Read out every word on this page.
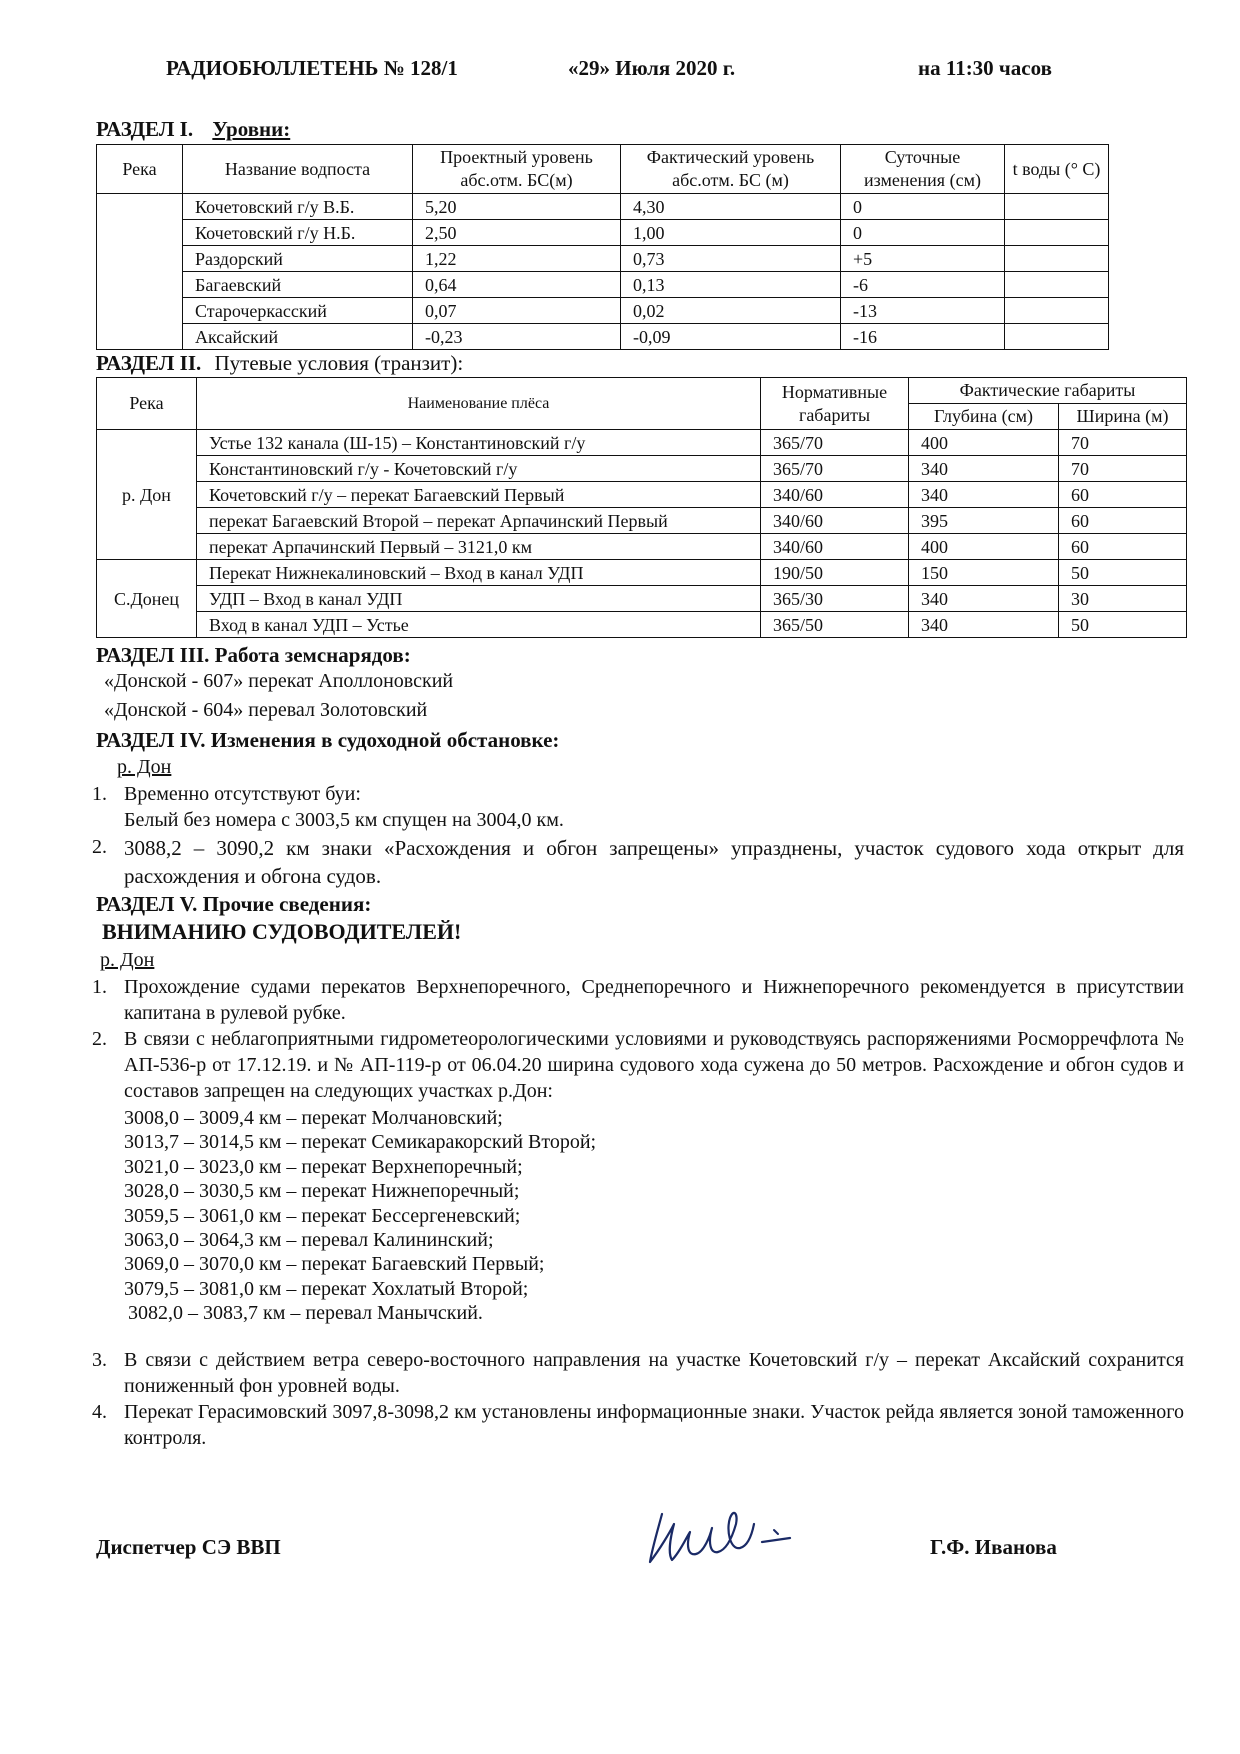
РАДИОБЮЛЛЕТЕНЬ № 128/1	«29» Июля 2020 г.	на 11:30 часов
РАЗДЕЛ I. Уровни:
Река	Название водпоста	Проектный уровень абс.отм. БС(м)	Фактический уровень абс.отм. БС (м)	Суточные изменения (см)	t воды (° С)
	Кочетовский г/у В.Б.	5,20	4,30	0	
	Кочетовский г/у Н.Б.	2,50	1,00	0	
	Раздорский	1,22	0,73	+5	
	Багаевский	0,64	0,13	-6	
	Старочеркасский	0,07	0,02	-13	
	Аксайский	-0,23	-0,09	-16	
РАЗДЕЛ II. Путевые условия (транзит):
Река	Наименование плёса	Нормативные габариты	Фактические габариты	
			Глубина (см)	Ширина (м)
р. Дон	Устье 132 канала (Ш-15) – Константиновский г/у	365/70	400	70
	Константиновский г/у - Кочетовский г/у	365/70	340	70
	Кочетовский г/у – перекат Багаевский Первый	340/60	340	60
	перекат Багаевский Второй – перекат Арпачинский Первый	340/60	395	60
	перекат Арпачинский Первый – 3121,0 км	340/60	400	60
С.Донец	Перекат Нижнекалиновский – Вход в канал УДП	190/50	150	50
	УДП – Вход в канал УДП	365/30	340	30
	Вход в канал УДП – Устье	365/50	340	50
РАЗДЕЛ III. Работа земснарядов:
«Донской - 607» перекат Аполлоновский
«Донской - 604» перевал Золотовский
РАЗДЕЛ IV. Изменения в судоходной обстановке:
р. Дон
1. Временно отсутствуют буи:
Белый без номера с 3003,5 км спущен на 3004,0 км.
2. 3088,2 – 3090,2 км знаки «Расхождения и обгон запрещены» упразднены, участок судового хода открыт для расхождения и обгона судов.
РАЗДЕЛ V. Прочие сведения:
ВНИМАНИЮ СУДОВОДИТЕЛЕЙ!
р. Дон
1. Прохождение судами перекатов Верхнепоречного, Среднепоречного и Нижнепоречного рекомендуется в присутствии капитана в рулевой рубке.
2. В связи с неблагоприятными гидрометеорологическими условиями и руководствуясь распоряжениями Росморречфлота № АП-536-р от 17.12.19. и № АП-119-р от 06.04.20 ширина судового хода сужена до 50 метров. Расхождение и обгон судов и составов запрещен на следующих участках р.Дон:
3008,0 – 3009,4 км – перекат Молчановский;
3013,7 – 3014,5 км – перекат Семикаракорский Второй;
3021,0 – 3023,0 км – перекат Верхнепоречный;
3028,0 – 3030,5 км – перекат Нижнепоречный;
3059,5 – 3061,0 км – перекат Бессергеневский;
3063,0 – 3064,3 км – перевал Калининский;
3069,0 – 3070,0 км – перекат Багаевский Первый;
3079,5 – 3081,0 км – перекат Хохлатый Второй;
3082,0 – 3083,7 км – перевал Манычский.
3. В связи с действием ветра северо-восточного направления на участке Кочетовский г/у – перекат Аксайский сохранится пониженный фон уровней воды.
4. Перекат Герасимовский 3097,8-3098,2 км установлены информационные знаки. Участок рейда является зоной таможенного контроля.
Диспетчер СЭ ВВП	Г.Ф. Иванова
